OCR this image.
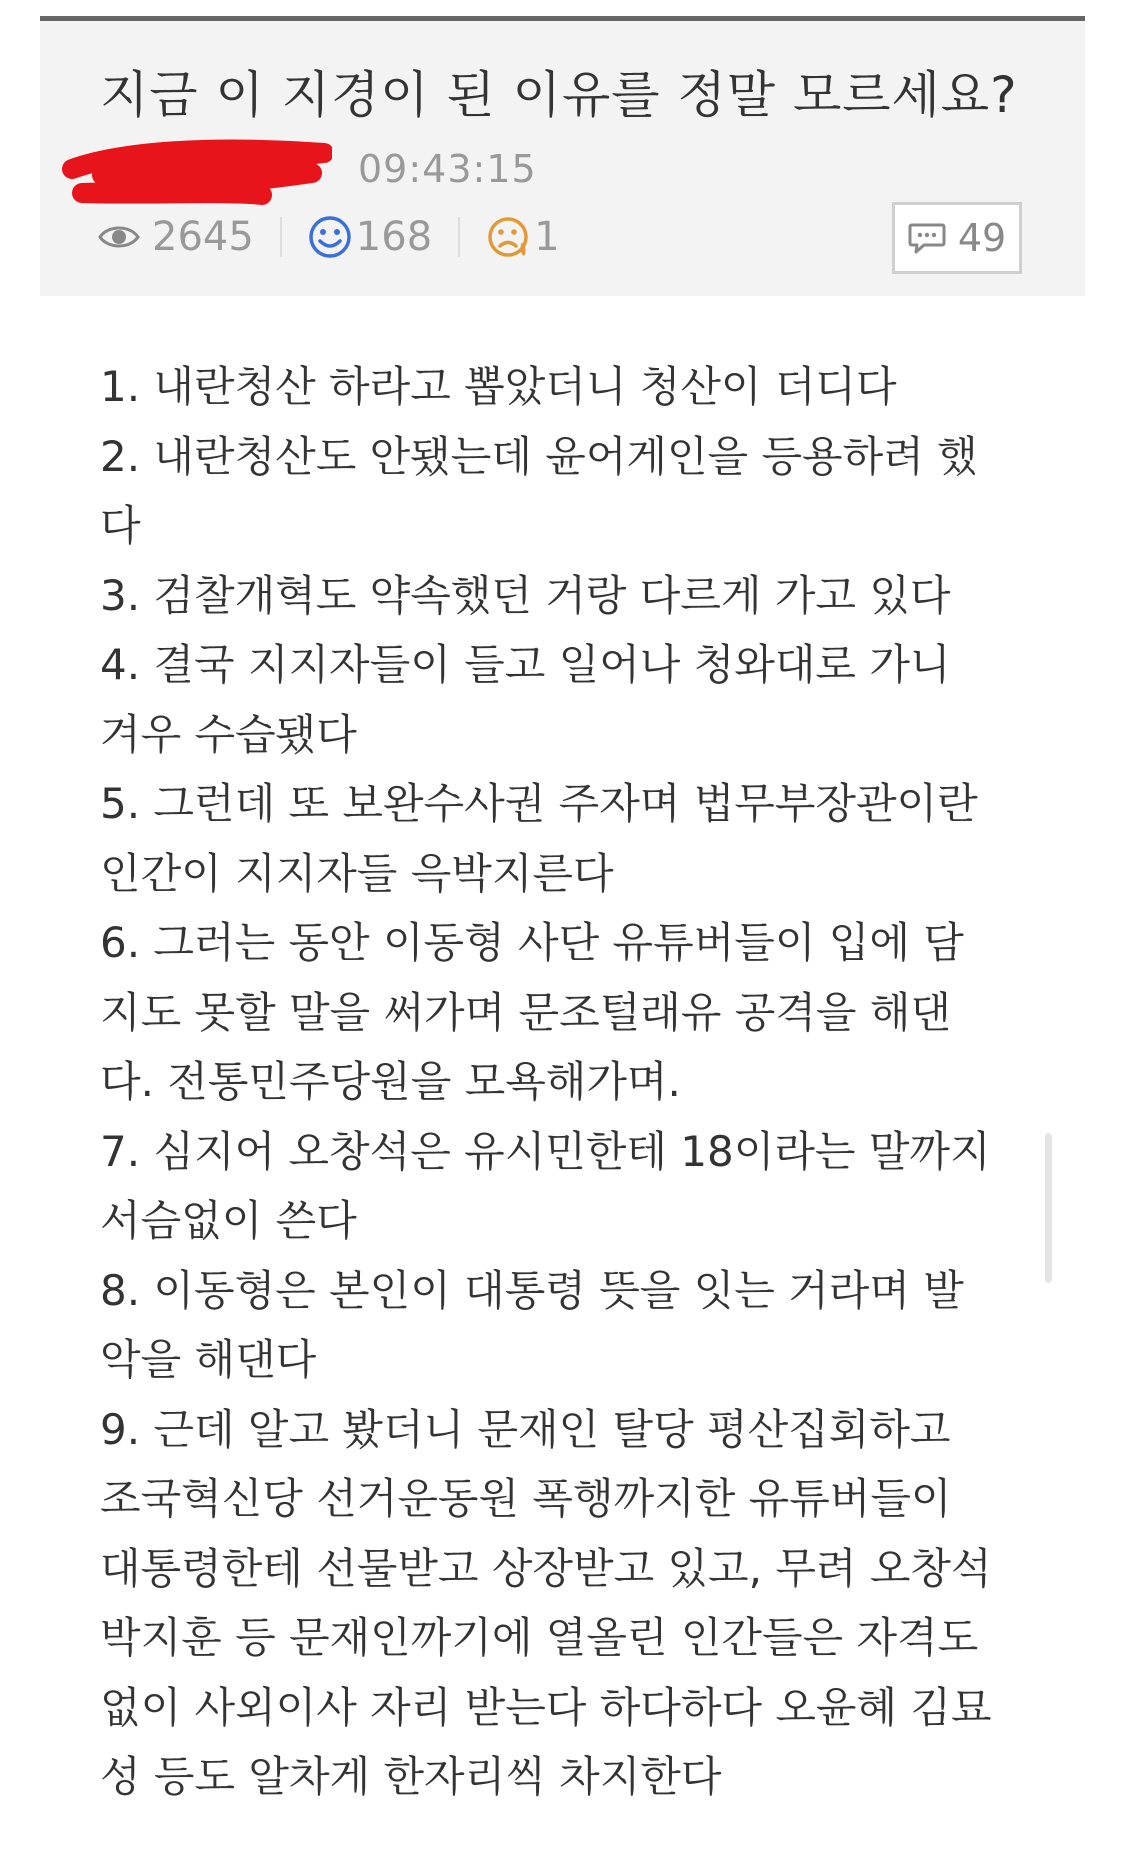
지금 이 지경이 된 이유를 정말 모르세요?
09:43:15
2645	168	1	49
1. 내란청산 하라고 뽑았더니 청산이 더디다
2. 내란청산도 안됐는데 윤어게인을 등용하려 했
다
3. 검찰개혁도 약속했던 거랑 다르게 가고 있다
4. 결국 지지자들이 들고 일어나 청와대로 가니
겨우 수습됐다
5. 그런데 또 보완수사권 주자며 법무부장관이란
인간이 지지자들 윽박지른다
6. 그러는 동안 이동형 사단 유튜버들이 입에 담
지도 못할 말을 써가며 문조털래유 공격을 해댄
다. 전통민주당원을 모욕해가며.
7. 심지어 오창석은 유시민한테 18이라는 말까지
서슴없이 쓴다
8. 이동형은 본인이 대통령 뜻을 잇는 거라며 발
악을 해댄다
9. 근데 알고 봤더니 문재인 탈당 평산집회하고
조국혁신당 선거운동원 폭행까지한 유튜버들이
대통령한테 선물받고 상장받고 있고, 무려 오창석
박지훈 등 문재인까기에 열올린 인간들은 자격도
없이 사외이사 자리 받는다 하다하다 오윤혜 김묘
성 등도 알차게 한자리씩 차지한다
